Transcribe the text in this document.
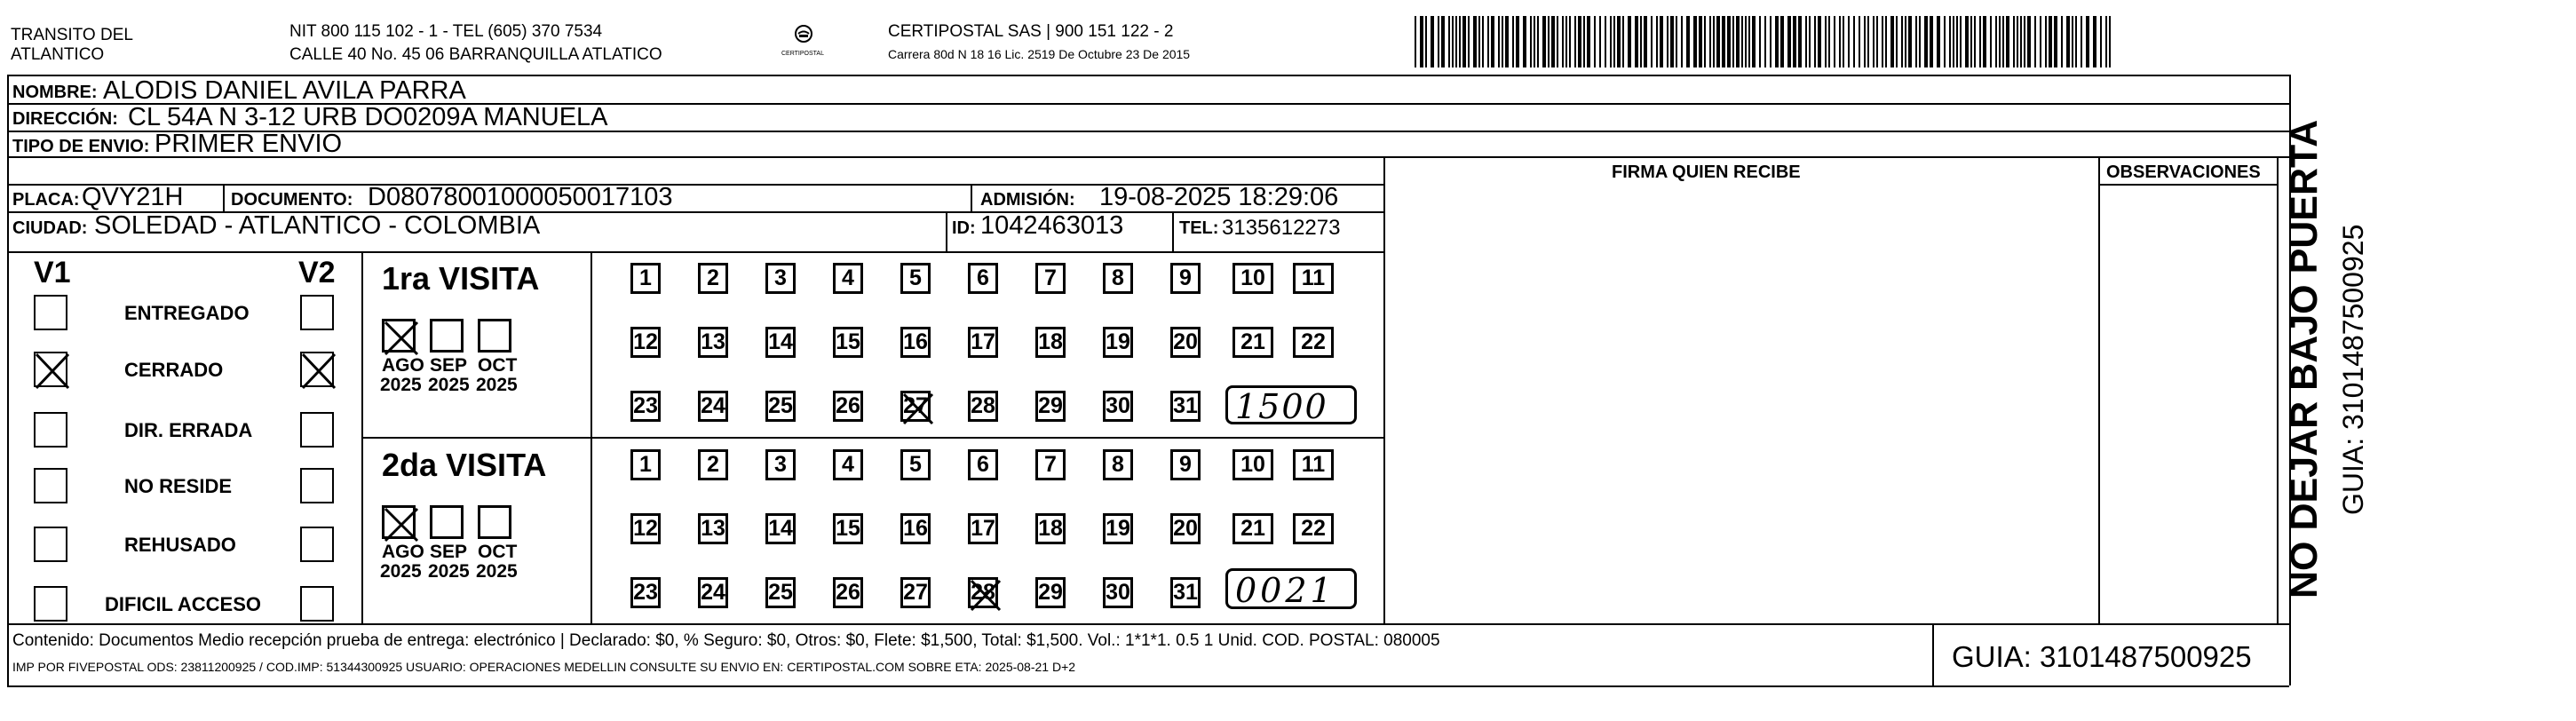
TRANSITO DEL
ATLANTICO
NIT 800 115 102 - 1 - TEL (605) 370 7534
CALLE 40 No. 45 06 BARRANQUILLA ATLATICO	CERTIPOSTAL
CERTIPOSTAL SAS | 900 151 122 - 2
Carrera 80d N 18 16 Lic. 2519 De Octubre 23 De 2015
NOMBRE: ALODIS DANIEL AVILA PARRA
DIRECCIÓN: CL 54A N 3-12 URB DO0209A MANUELA
TIPO DE ENVIO: PRIMER ENVIO
FIRMA QUIEN RECIBE	OBSERVACIONES
PLACA: QVY21H	DOCUMENTO: D08078001000050017103	ADMISIÓN: 19-08-2025 18:29:06
CIUDAD: SOLEDAD - ATLANTICO - COLOMBIA	ID: 1042463013	TEL: 3135612273
V1	V2 1ra VISITA
2da VISITA
1500
0021	NO DEJAR BAJO PUERTA GUIA: 3101487500925
Contenido: Documentos Medio recepción prueba de entrega: electrónico | Declarado: $0, % Seguro: $0, Otros: $0, Flete: $1,500, Total: $1,500. Vol.: 1*1*1. 0.5 1 Unid. COD. POSTAL: 080005
IMP POR FIVEPOSTAL ODS: 23811200925 / COD.IMP: 51344300925 USUARIO: OPERACIONES MEDELLIN CONSULTE SU ENVIO EN: CERTIPOSTAL.COM SOBRE ETA: 2025-08-21 D+2	GUIA: 3101487500925
ENTREGADO
CERRADO
DIR. ERRADA
NO RESIDE
REHUSADO
DIFICIL ACCESO
AGO
2025
SEP
2025
OCT
2025
AGO
2025
SEP
2025
OCT
2025
1	2	3	4	5	6	7	8	9	10	11
12 13 14 15 16 17 18 19 20	21	22
23 24 25 26 27 28 29 30 31
1	2	3	4	5	6	7	8	9	10	11
12 13 14 15 16 17 18 19 20	21	22
23 24 25 26 27 28 29 30 31
